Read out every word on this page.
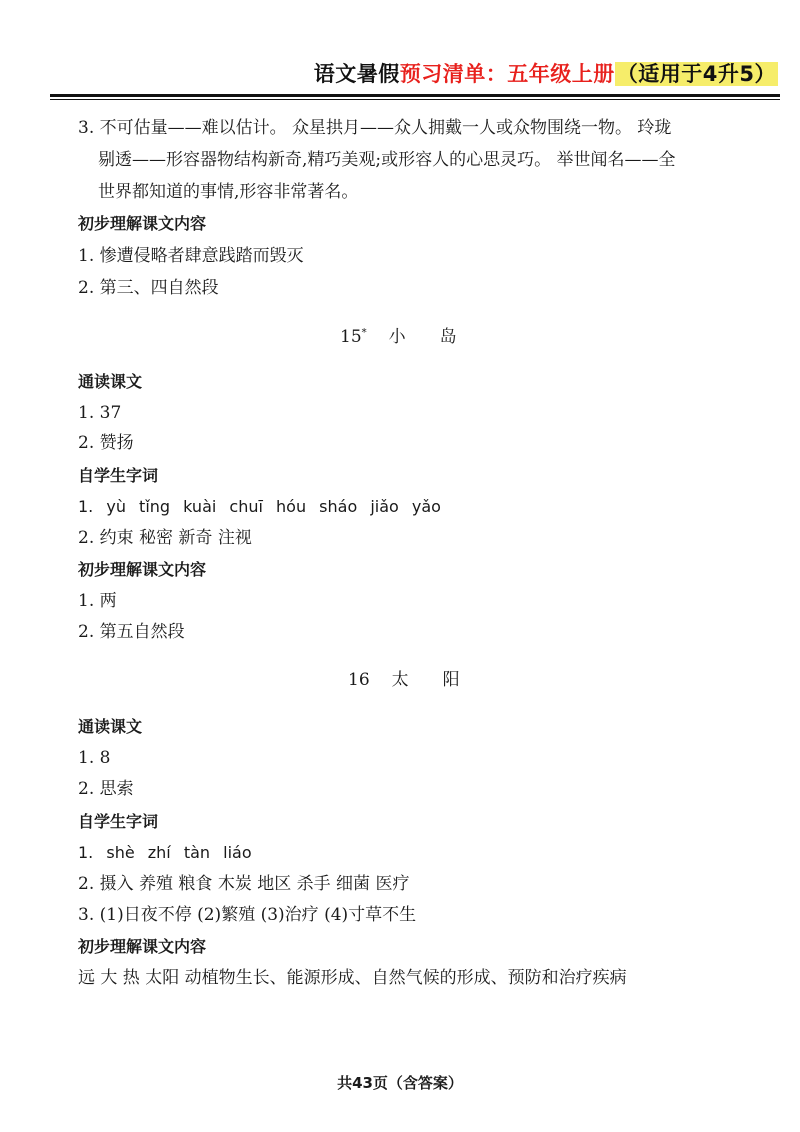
语文暑假预习清单：五年级上册（适用于4升5）
3. 不可估量——难以估计。 众星拱月——众人拥戴一人或众物围绕一物。 玲珑
剔透——形容器物结构新奇,精巧美观;或形容人的心思灵巧。 举世闻名——全
世界都知道的事情,形容非常著名。
初步理解课文内容
1. 惨遭侵略者肆意践踏而毁灭
2. 第三、四自然段
15* 小 岛
通读课文
1. 37
2. 赞扬
自学生字词
1. yù tǐng kuài chuī hóu sháo jiǎo yǎo
2. 约束 秘密 新奇 注视
初步理解课文内容
1. 两
2. 第五自然段
16 太 阳
通读课文
1. 8
2. 思索
自学生字词
1. shè zhí tàn liáo
2. 摄入 养殖 粮食 木炭 地区 杀手 细菌 医疗
3. (1)日夜不停 (2)繁殖 (3)治疗 (4)寸草不生
初步理解课文内容
远 大 热 太阳 动植物生长、能源形成、自然气候的形成、预防和治疗疾病
共43页（含答案）
